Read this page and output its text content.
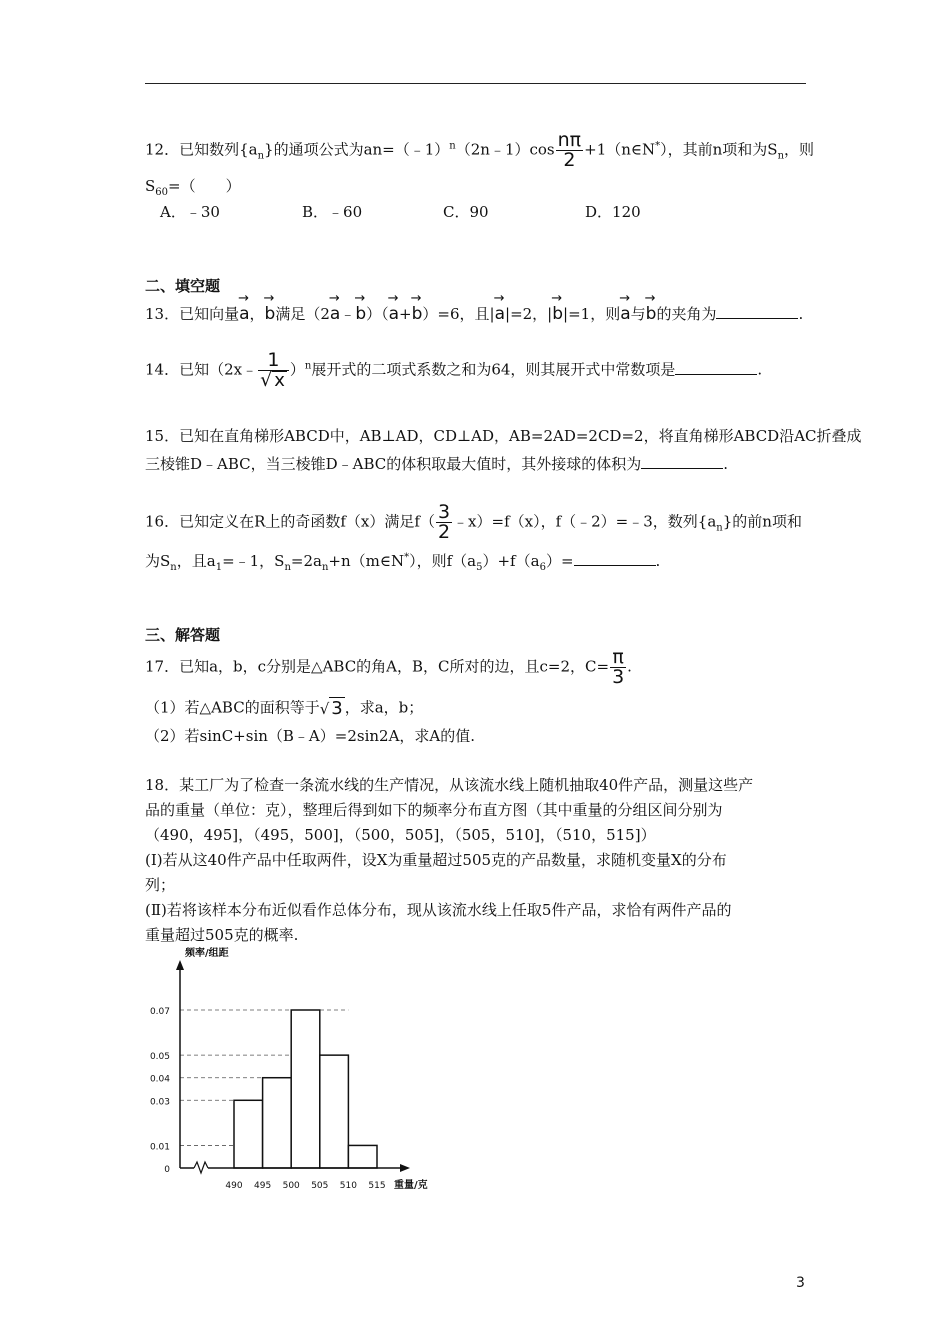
12．已知数列$\{a_n\}$的通项公式为an=（﹣1）$^n$（2n﹣1）cos $\frac{n\pi}{2}$ +1（n∈N*），其前n项和为$S_n$，则
$S_{60}=$（　　）
A．﹣30	B．﹣60	C．90	D．120
二、填空题
13．已知向量→ a，→ b满足（2→ a﹣→ b）（→ a+→ b）=6，且|→ a|=2，|→ b|=1，则→ a与→ b的夹角为	.
14．已知（2x﹣ $\frac{1}{√ x} )^n$展开式的二项式系数之和为64，则其展开式中常数项是	.
15．已知在直角梯形ABCD中，AB⊥AD，CD⊥AD，AB=2AD=2CD=2，将直角梯形ABCD沿AC折叠成
三棱锥D﹣ABC，当三棱锥D﹣ABC的体积取最大值时，其外接球的体积为	.
16．已知定义在R上的奇函数f（x）满足$f( \frac{3}{2}$ ﹣x）=f（x），f（﹣2）=﹣3，数列$\{a_n\}$的前n项和
为$S_n$，且$a_1=﹣1$，$S_n=2a_n+n(m\in N^*)$，则$f(a_5)+f(a_6)=$	.
三、解答题
17．已知a，b，c分别是△ABC的角A，B，C所对的边，且c=2，$C= \frac{\pi}{3}$ .
（1）若△ABC的面积等于√ 3 ，求a，b；
（2）若sinC+sin（B﹣A）=2sin2A，求A的值.
18．某工厂为了检查一条流水线的生产情况，从该流水线上随机抽取40件产品，测量这些产
品的重量（单位：克），整理后得到如下的频率分布直方图（其中重量的分组区间分别为
（490，495]，（495，500]，（500，505]，（505，510]，（510，515]）
(Ⅰ)若从这40件产品中任取两件，设X为重量超过505克的产品数量，求随机变量X的分布
列；
(Ⅱ)若将该样本分布近似看作总体分布，现从该流水线上任取5件产品，求恰有两件产品的
重量超过505克的概率.
0
0.01
0.03
0.04
0.05
0.07
490 495 500 505 510 515
频率/组距
重量/克
3
